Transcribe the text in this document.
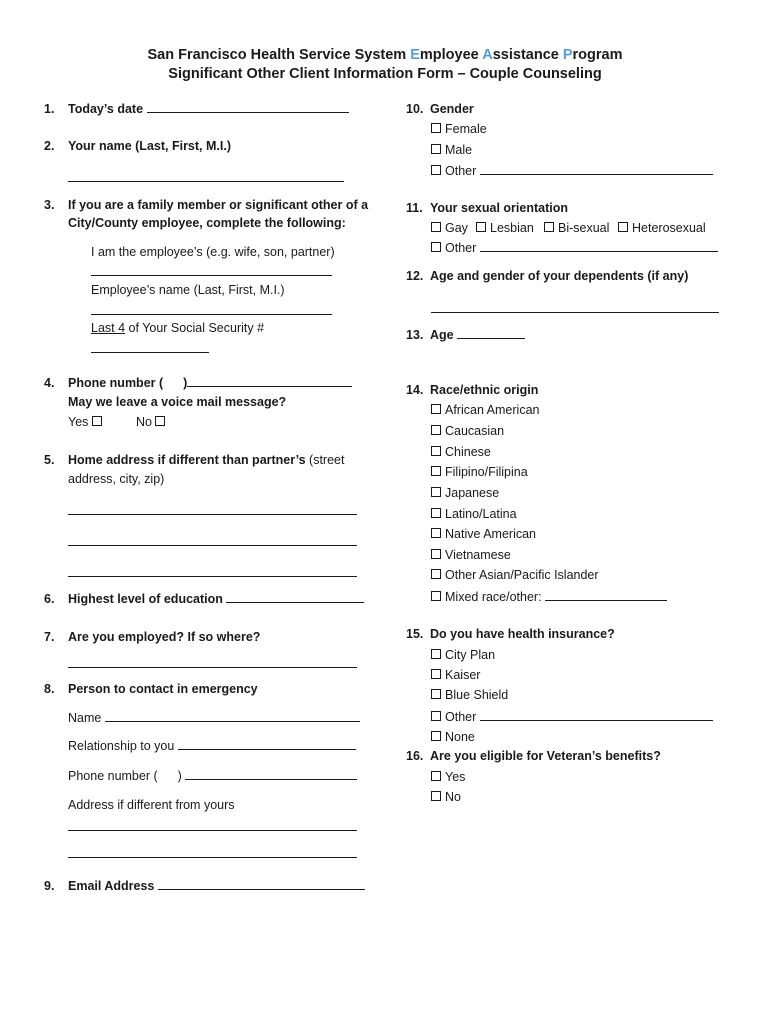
San Francisco Health Service System Employee Assistance Program
Significant Other Client Information Form – Couple Counseling
1. Today’s date
2. Your name (Last, First, M.I.)
3. If you are a family member or significant other of a
City/County employee, complete the following:
I am the employee’s (e.g. wife, son, partner)
Employee’s name (Last, First, M.I.)
Last 4 of Your Social Security #
4. Phone number ( )
May we leave a voice mail message?
Yes	No
5. Home address if different than partner’s (street
address, city, zip)
6. Highest level of education
7. Are you employed? If so where?
8. Person to contact in emergency
Name
Relationship to you
Phone number ( )
Address if different from yours
9. Email Address
10. Gender
Female
Male
Other
11. Your sexual orientation
Gay	Lesbian	Bi-sexual	Heterosexual
Other
12. Age and gender of your dependents (if any)
13. Age
14. Race/ethnic origin
African American
Caucasian
Chinese
Filipino/Filipina
Japanese
Latino/Latina
Native American
Vietnamese
Other Asian/Pacific Islander
Mixed race/other:
15. Do you have health insurance?
City Plan
Kaiser
Blue Shield
Other
None
16. Are you eligible for Veteran’s benefits?
Yes
No
